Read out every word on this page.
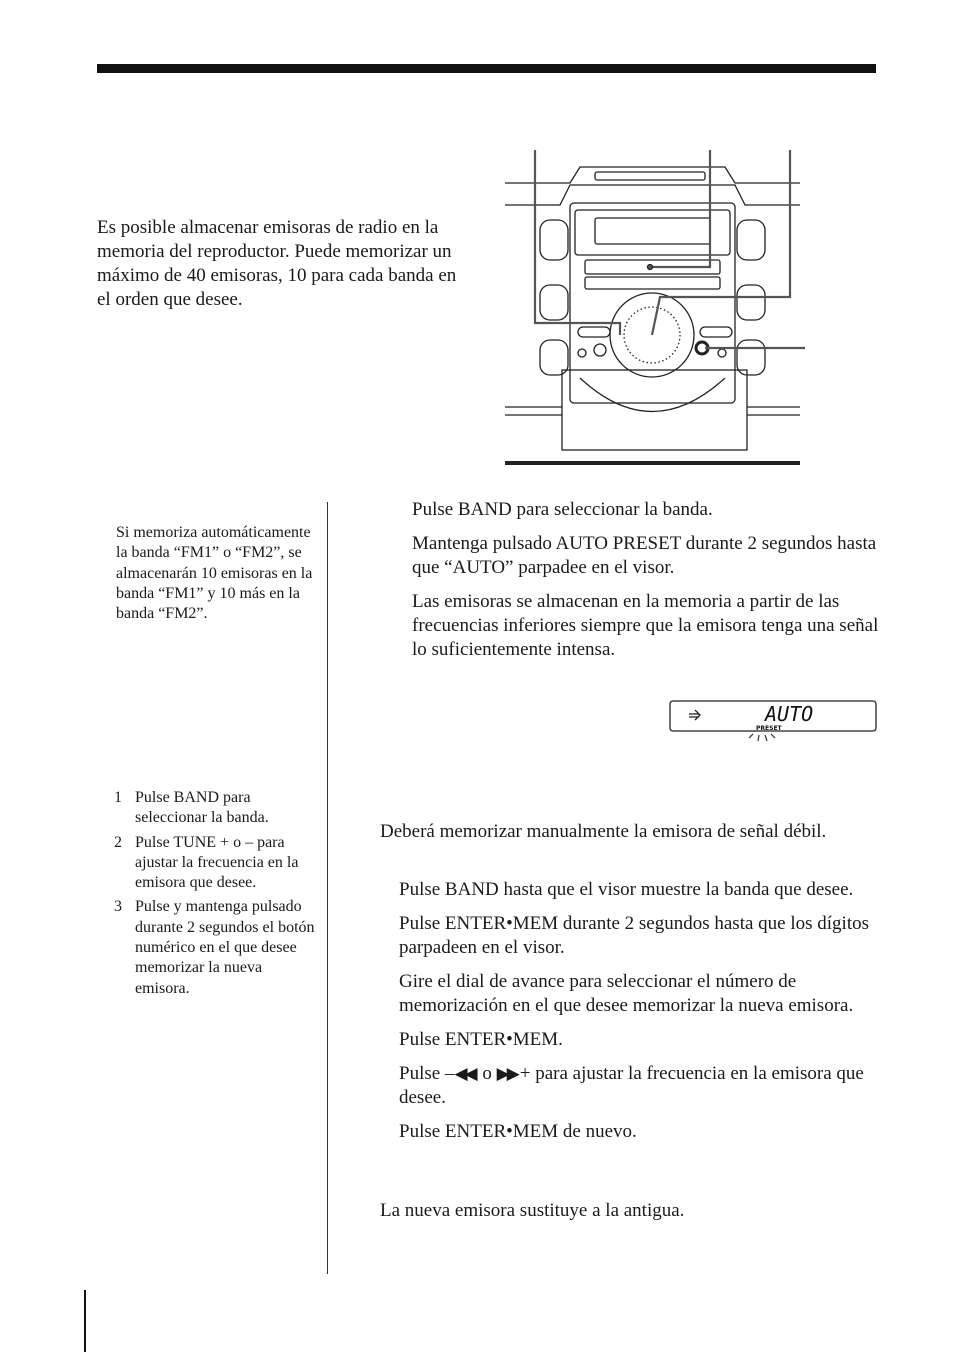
Es posible almacenar emisoras de radio en la memoria del reproductor. Puede memorizar un máximo de 40 emisoras, 10 para cada banda en el orden que desee.

Si memoriza automáticamente la banda “FM1” o “FM2”, se almacenarán 10 emisoras en la banda “FM1” y 10 más en la banda “FM2”.

1 Pulse BAND para seleccionar la banda.
2 Pulse TUNE + o – para ajustar la frecuencia en la emisora que desee.
3 Pulse y mantenga pulsado durante 2 segundos el botón numérico en el que desee memorizar la nueva emisora.
Pulse BAND para seleccionar la banda.
Mantenga pulsado AUTO PRESET durante 2 segundos hasta que “AUTO” parpadee en el visor.
Las emisoras se almacenan en la memoria a partir de las frecuencias inferiores siempre que la emisora tenga una señal lo suficientemente intensa.
AUTO
PRESET

Deberá memorizar manualmente la emisora de señal débil.

Pulse BAND hasta que el visor muestre la banda que desee.
Pulse ENTER•MEM durante 2 segundos hasta que los dígitos parpadeen en el visor.
Gire el dial de avance para seleccionar el número de memorización en el que desee memorizar la nueva emisora.
Pulse ENTER•MEM.
Pulse –◀◀ o ▶▶ + para ajustar la frecuencia en la emisora que desee.
Pulse ENTER•MEM de nuevo.

La nueva emisora sustituye a la antigua.
